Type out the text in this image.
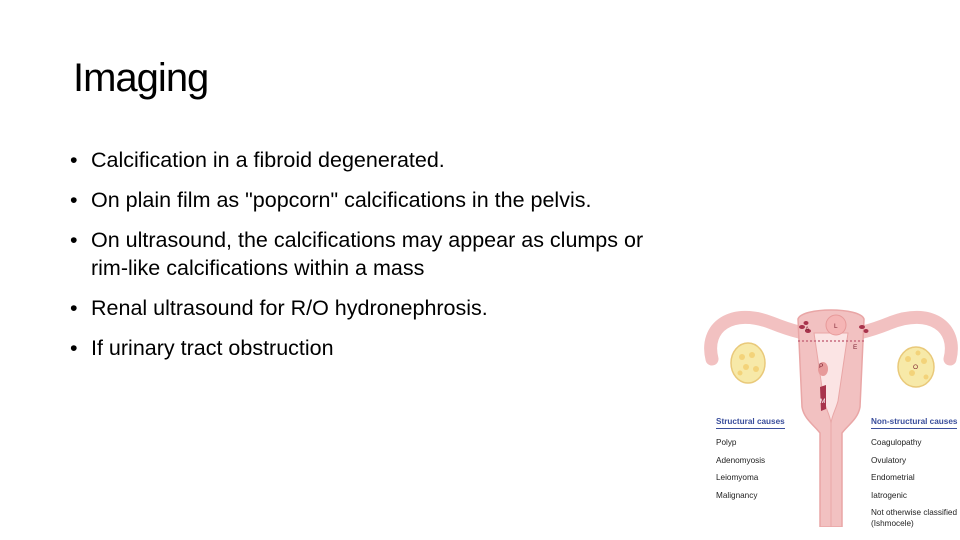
Imaging
• Calcification in a fibroid degenerated.
• On plain film as "popcorn" calcifications in the pelvis.
• On ultrasound, the calcifications may appear as clumps or rim-like calcifications within a mass
• Renal ultrasound for R/O hydronephrosis.
• If urinary tract obstruction
L
A
E
P
M
O
Structural causes
Polyp
Adenomyosis
Leiomyoma
Malignancy
Non-structural causes
Coagulopathy
Ovulatory
Endometrial
Iatrogenic
Not otherwise classified (Ishmocele)
